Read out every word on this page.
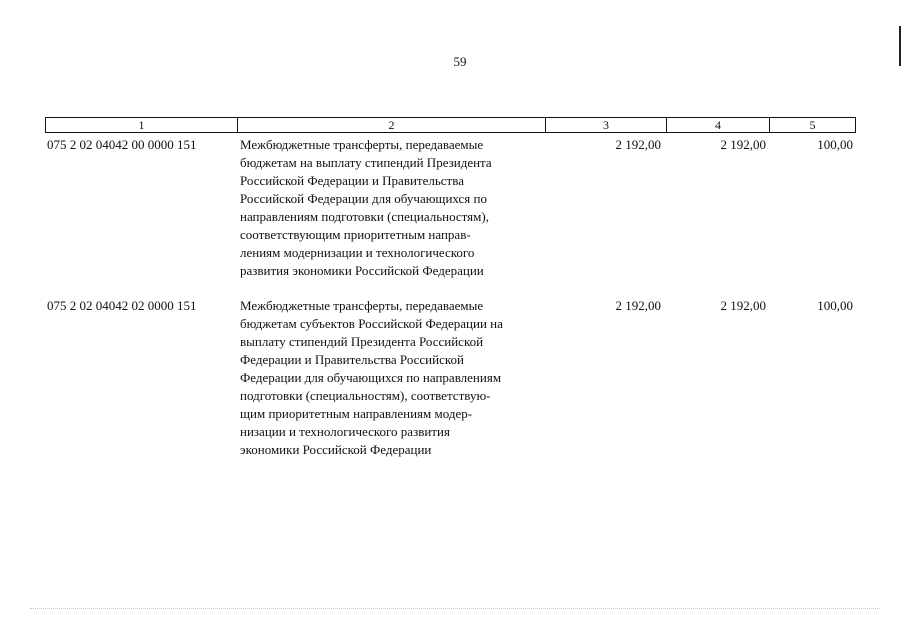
59
1	2	3	4	5
075 2 02 04042 00 0000 151	Межбюджетные трансферты, передаваемые
бюджетам на выплату стипендий Президента
Российской Федерации и Правительства
Российской Федерации для обучающихся по
направлениям подготовки (специальностям),
соответствующим приоритетным направ-
лениям модернизации и технологического
развития экономики Российской Федерации
2 192,00	2 192,00	100,00
075 2 02 04042 02 0000 151	Межбюджетные трансферты, передаваемые
бюджетам субъектов Российской Федерации на
выплату стипендий Президента Российской
Федерации и Правительства Российской
Федерации для обучающихся по направлениям
подготовки (специальностям), соответствую-
щим приоритетным направлениям модер-
низации и технологического развития
экономики Российской Федерации
2 192,00	2 192,00	100,00
